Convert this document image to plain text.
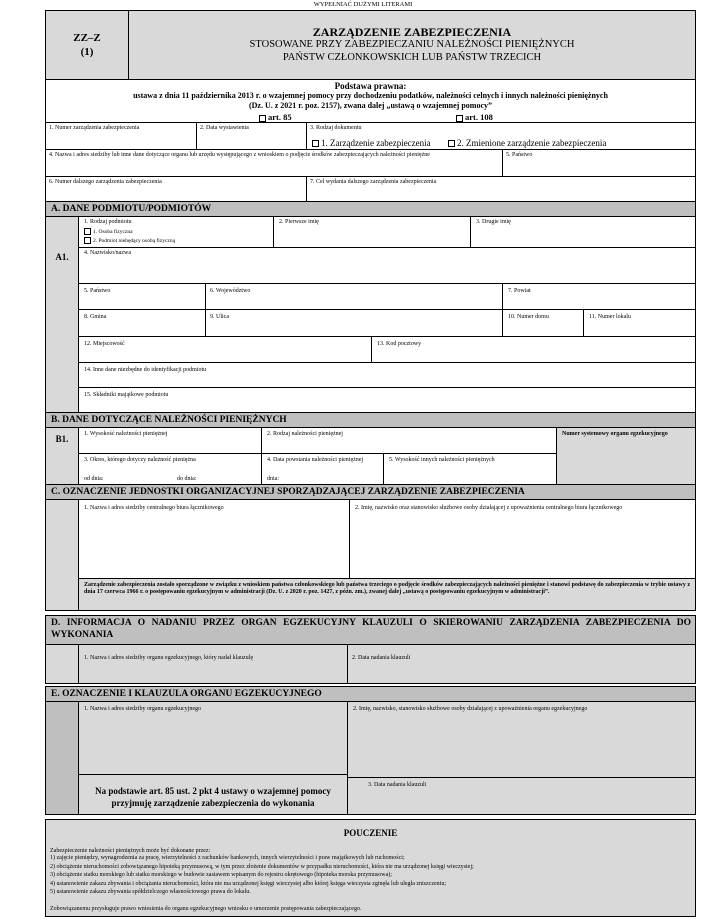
WYPEŁNIAĆ DUŻYMI LITERAMI
ZZ–Z
(1)
ZARZĄDZENIE ZABEZPIECZENIA
STOSOWANE PRZY ZABEZPIECZANIU NALEŻNOŚCI PIENIĘŻNYCH
PAŃSTW CZŁONKOWSKICH LUB PAŃSTW TRZECICH
Podstawa prawna:
ustawa z dnia 11 października 2013 r. o wzajemnej pomocy przy dochodzeniu podatków, należności celnych i innych należności pieniężnych
(Dz. U. z 2021 r. poz. 2157), zwana dalej „ustawą o wzajemnej pomocy”
art. 85	art. 108
1. Numer zarządzenia zabezpieczenia	2. Data wystawienia	3. Rodzaj dokumentu
1. Zarządzenie zabezpieczenia	2. Zmienione zarządzenie zabezpieczenia
4. Nazwa i adres siedziby lub inne dane dotyczące organu lub urzędu występującego z wnioskiem o podjęcie środków zabezpieczających należności pieniężne	5. Państwo
6. Numer dalszego zarządzenia zabezpieczenia	7. Cel wydania dalszego zarządzenia zabezpieczenia
A. DANE PODMIOTU/PODMIOTÓW
A1.
1. Rodzaj podmiotu
1. Osoba fizyczna
2. Podmiot niebędący osobą fizyczną
2. Pierwsze imię	3. Drugie imię
4. Nazwisko/nazwa
5. Państwo	6. Województwo	7. Powiat
8. Gmina	9. Ulica	10. Numer domu	11. Numer lokalu
12. Miejscowość	13. Kod pocztowy
14. Inne dane niezbędne do identyfikacji podmiotu
15. Składniki majątkowe podmiotu
B. DANE DOTYCZĄCE NALEŻNOŚCI PIENIĘŻNYCH
B1.	1. Wysokość należności pieniężnej	2. Rodzaj należności pieniężnej	Numer systemowy organu egzekucyjnego
3. Okres, którego dotyczy należność pieniężna
od dnia:	do dnia:
4. Data powstania należności pieniężnej
dnia:
5. Wysokość innych należności pieniężnych
C. OZNACZENIE JEDNOSTKI ORGANIZACYJNEJ SPORZĄDZAJĄCEJ ZARZĄDZENIE ZABEZPIECZENIA
1. Nazwa i adres siedziby centralnego biura łącznikowego	2. Imię, nazwisko oraz stanowisko służbowe osoby działającej z upoważnienia centralnego biura łącznikowego
Zarządzenie zabezpieczenia zostało sporządzone w związku z wnioskiem państwa członkowskiego lub państwa trzeciego o podjęcie środków zabezpieczających należności pieniężne i stanowi podstawę do zabezpieczenia w trybie ustawy z dnia 17 czerwca 1966 r. o postępowaniu egzekucyjnym w administracji (Dz. U. z 2020 r. poz. 1427, z późn. zm.), zwanej dalej „ustawą o postępowaniu egzekucyjnym w administracji”.
D. INFORMACJA O NADANIU PRZEZ ORGAN EGZEKUCYJNY KLAUZULI O SKIEROWANIU ZARZĄDZENIA ZABEZPIECZENIA DO WYKONANIA
1. Nazwa i adres siedziby organu egzekucyjnego, który nadał klauzulę	2. Data nadania klauzuli
E. OZNACZENIE I KLAUZULA ORGANU EGZEKUCYJNEGO
1. Nazwa i adres siedziby organu egzekucyjnego	2. Imię, nazwisko, stanowisko służbowe osoby działającej z upoważnienia organu egzekucyjnego
Na podstawie art. 85 ust. 2 pkt 4 ustawy o wzajemnej pomocy
przyjmuję zarządzenie zabezpieczenia do wykonania
3. Data nadania klauzuli
POUCZENIE
Zabezpieczenie należności pieniężnych może być dokonane przez:
1) zajęcie pieniędzy, wynagrodzenia za pracę, wierzytelności z rachunków bankowych, innych wierzytelności i praw majątkowych lub ruchomości;
2) obciążenie nieruchomości zobowiązanego hipoteką przymusową, w tym przez złożenie dokumentów w przypadku nieruchomości, która nie ma urządzonej księgi wieczystej;
3) obciążenie statku morskiego lub statku morskiego w budowie zastawem wpisanym do rejestru okrętowego (hipoteka morska przymusowa);
4) ustanowienie zakazu zbywania i obciążania nieruchomości, która nie ma urządzonej księgi wieczystej albo której księga wieczysta zginęła lub uległa zniszczeniu;
5) ustanowienie zakazu zbywania spółdzielczego własnościowego prawa do lokalu.
Zobowiązanemu przysługuje prawo wniesienia do organu egzekucyjnego wniosku o umorzenie postępowania zabezpieczającego.
